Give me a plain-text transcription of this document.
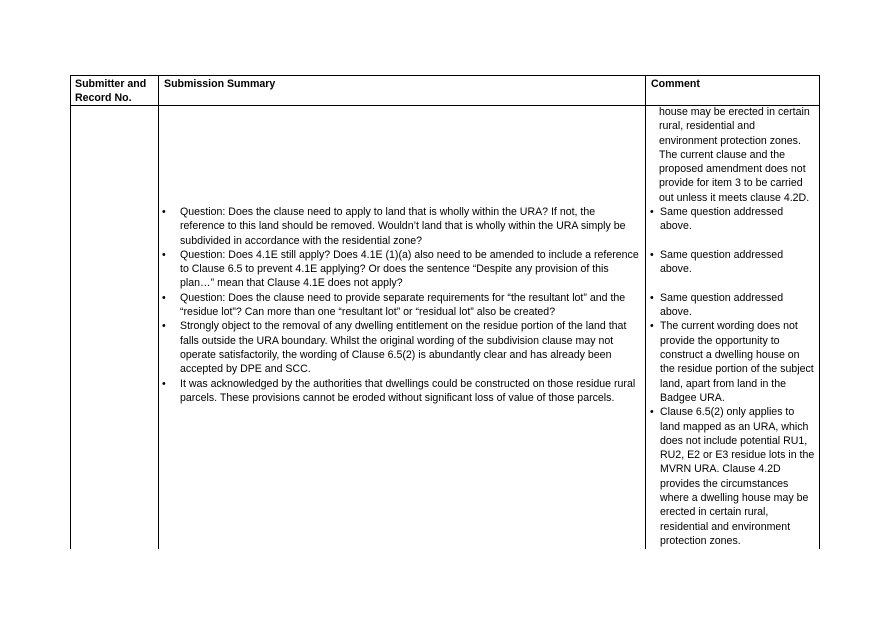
Submitter and Record No.
Submission Summary	Comment
• Question: Does the clause need to apply to land that is wholly within the URA? If not, the reference to this land should be removed. Wouldn’t land that is wholly within the URA simply be subdivided in accordance with the residential zone?
• Question: Does 4.1E still apply? Does 4.1E (1)(a) also need to be amended to include a reference to Clause 6.5 to prevent 4.1E applying? Or does the sentence “Despite any provision of this plan…” mean that Clause 4.1E does not apply?
• Question: Does the clause need to provide separate requirements for “the resultant lot” and the “residue lot”? Can more than one “resultant lot” or “residual lot” also be created?
• Strongly object to the removal of any dwelling entitlement on the residue portion of the land that falls outside the URA boundary. Whilst the original wording of the subdivision clause may not operate satisfactorily, the wording of Clause 6.5(2) is abundantly clear and has already been accepted by DPE and SCC.
• It was acknowledged by the authorities that dwellings could be constructed on those residue rural parcels. These provisions cannot be eroded without significant loss of value of those parcels.
house may be erected in certain rural, residential and environment protection zones. The current clause and the proposed amendment does not provide for item 3 to be carried out unless it meets clause 4.2D.
• Same question addressed above.
• Same question addressed above.
• Same question addressed above.
• The current wording does not provide the opportunity to construct a dwelling house on the residue portion of the subject land, apart from land in the Badgee URA.
• Clause 6.5(2) only applies to land mapped as an URA, which does not include potential RU1, RU2, E2 or E3 residue lots in the MVRN URA. Clause 4.2D provides the circumstances where a dwelling house may be erected in certain rural, residential and environment protection zones.
